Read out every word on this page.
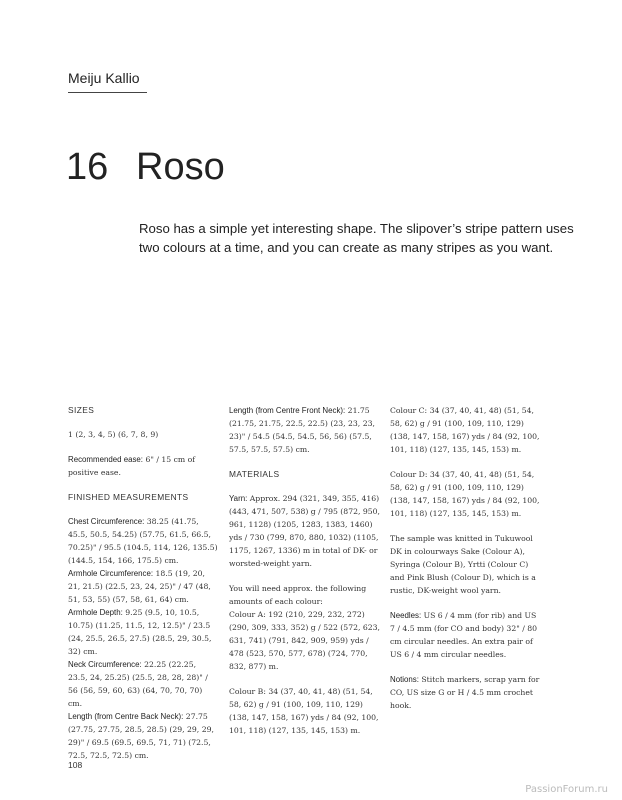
Meiju Kallio
16 Roso
Roso has a simple yet interesting shape. The slipover’s stripe pattern uses two colours at a time, and you can create as many stripes as you want.
SIZES

1 (2, 3, 4, 5) (6, 7, 8, 9)

Recommended ease: 6" / 15 cm of positive ease.

FINISHED MEASUREMENTS
Chest Circumference: 38.25 (41.75, 45.5, 50.5, 54.25) (57.75, 61.5, 66.5, 70.25)" / 95.5 (104.5, 114, 126, 135.5) (144.5, 154, 166, 175.5) cm.
Armhole Circumference: 18.5 (19, 20, 21, 21.5) (22.5, 23, 24, 25)" / 47 (48, 51, 53, 55) (57, 58, 61, 64) cm.
Armhole Depth: 9.25 (9.5, 10, 10.5, 10.75) (11.25, 11.5, 12, 12.5)" / 23.5 (24, 25.5, 26.5, 27.5) (28.5, 29, 30.5, 32) cm.
Neck Circumference: 22.25 (22.25, 23.5, 24, 25.25) (25.5, 28, 28, 28)" / 56 (56, 59, 60, 63) (64, 70, 70, 70) cm.
Length (from Centre Back Neck): 27.75 (27.75, 27.75, 28.5, 28.5) (29, 29, 29, 29)" / 69.5 (69.5, 69.5, 71, 71) (72.5, 72.5, 72.5, 72.5) cm.

Length (from Centre Front Neck): 21.75 (21.75, 21.75, 22.5, 22.5) (23, 23, 23, 23)" / 54.5 (54.5, 54.5, 56, 56) (57.5, 57.5, 57.5, 57.5) cm.

MATERIALS

Yarn: Approx. 294 (321, 349, 355, 416) (443, 471, 507, 538) g / 795 (872, 950, 961, 1128) (1205, 1283, 1383, 1460) yds / 730 (799, 870, 880, 1032) (1105, 1175, 1267, 1336) m in total of DK- or worsted-weight yarn.

You will need approx. the following amounts of each colour:

Colour A: 192 (210, 229, 232, 272) (290, 309, 333, 352) g / 522 (572, 623, 631, 741) (791, 842, 909, 959) yds / 478 (523, 570, 577, 678) (724, 770, 832, 877) m.

Colour B: 34 (37, 40, 41, 48) (51, 54, 58, 62) g / 91 (100, 109, 110, 129) (138, 147, 158, 167) yds / 84 (92, 100, 101, 118) (127, 135, 145, 153) m.

Colour C: 34 (37, 40, 41, 48) (51, 54, 58, 62) g / 91 (100, 109, 110, 129) (138, 147, 158, 167) yds / 84 (92, 100, 101, 118) (127, 135, 145, 153) m.

Colour D: 34 (37, 40, 41, 48) (51, 54, 58, 62) g / 91 (100, 109, 110, 129) (138, 147, 158, 167) yds / 84 (92, 100, 101, 118) (127, 135, 145, 153) m.

The sample was knitted in Tukuwool DK in colourways Sake (Colour A), Syringa (Colour B), Yrtti (Colour C) and Pink Blush (Colour D), which is a rustic, DK-weight wool yarn.

Needles: US 6 / 4 mm (for rib) and US 7 / 4.5 mm (for CO and body) 32" / 80 cm circular needles. An extra pair of US 6 / 4 mm circular needles.

Notions: Stitch markers, scrap yarn for CO, US size G or H / 4.5 mm crochet hook.

108
PassionForum.ru
